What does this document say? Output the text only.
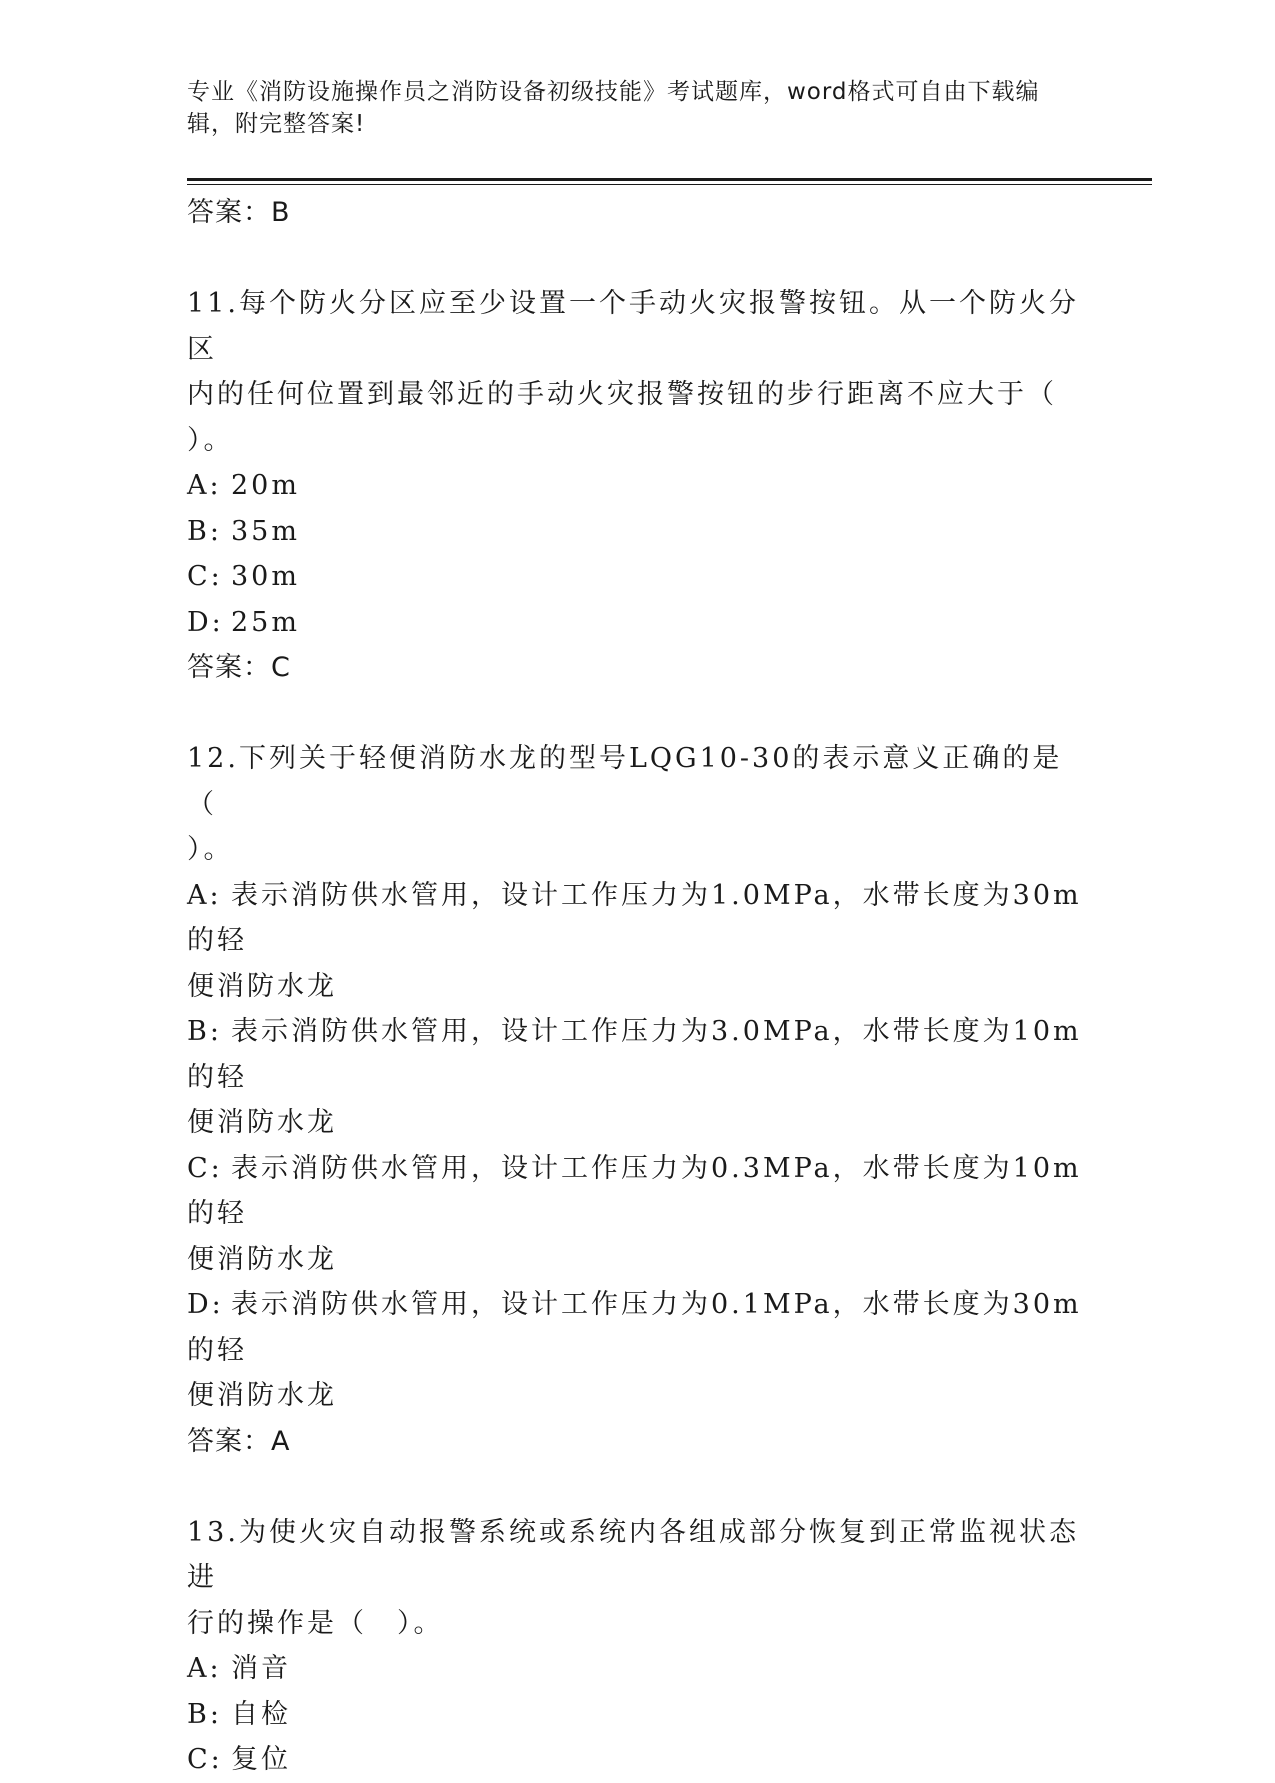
专业《消防设施操作员之消防设备初级技能》考试题库，word格式可自由下载编
辑，附完整答案!

答案：B

11.每个防火分区应至少设置一个手动火灾报警按钮。从一个防火分区

内的任何位置到最邻近的手动火灾报警按钮的步行距离不应大于（

）。

A: 20m

B: 35m

C: 30m

D: 25m

答案：C

12.下列关于轻便消防水龙的型号LQG10-30的表示意义正确的是（

）。

A: 表示消防供水管用，设计工作压力为1.0MPa，水带长度为30m的轻

便消防水龙

B: 表示消防供水管用，设计工作压力为3.0MPa，水带长度为10m的轻

便消防水龙

C: 表示消防供水管用，设计工作压力为0.3MPa，水带长度为10m的轻

便消防水龙

D: 表示消防供水管用，设计工作压力为0.1MPa，水带长度为30m的轻

便消防水龙

答案：A

13.为使火灾自动报警系统或系统内各组成部分恢复到正常监视状态进

行的操作是（　）。

A: 消音

B: 自检

C: 复位
